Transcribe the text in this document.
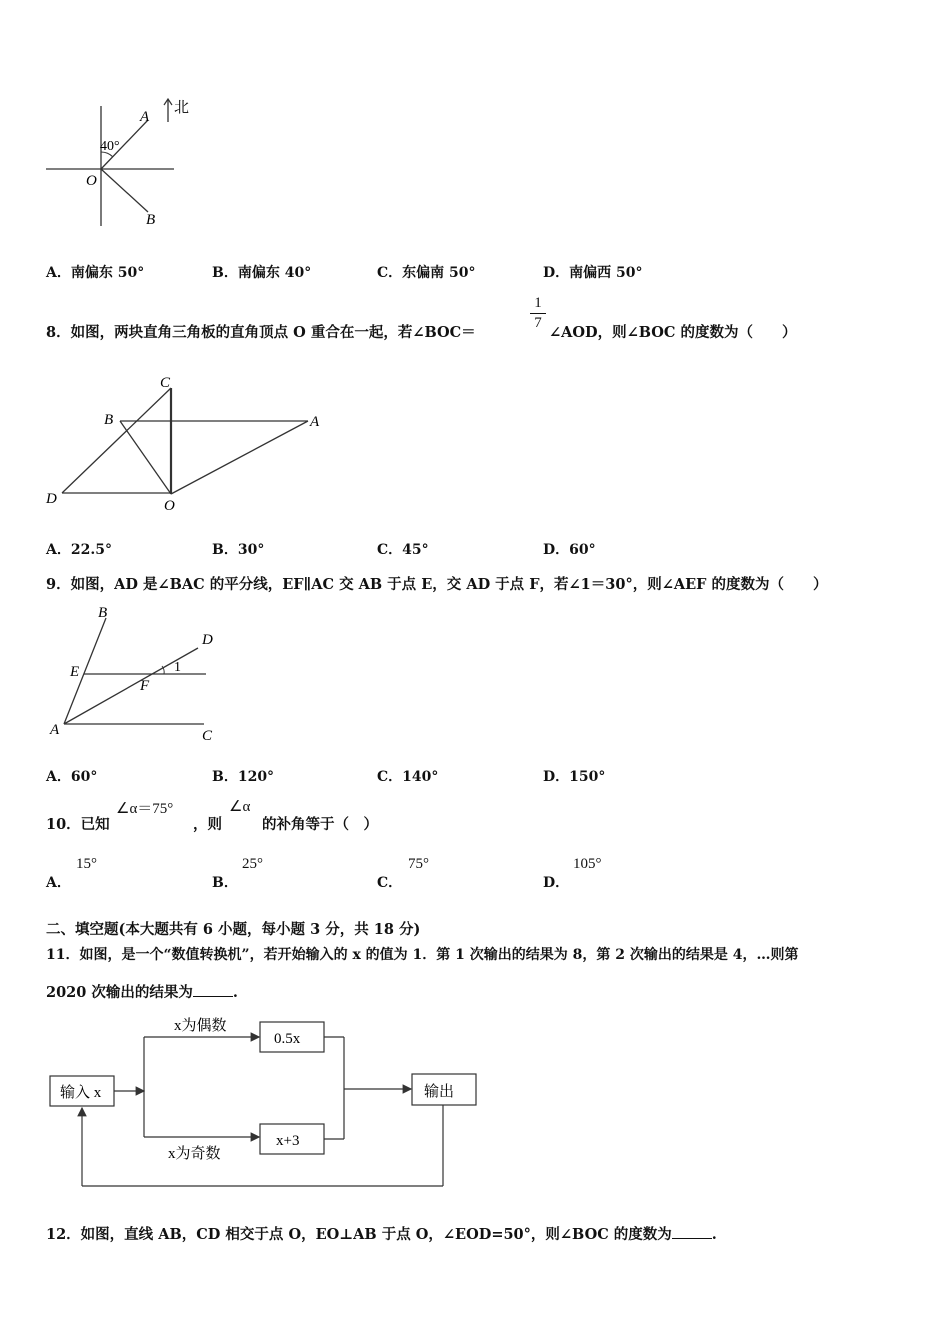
北
40°
O
A
B
A．南偏东 50°	B．南偏东 40°	C．东偏南 50°	D．南偏西 50°
8．如图，两块直角三角板的直角顶点 O 重合在一起，若∠BOC＝
1
7
∠AOD，则∠BOC 的度数为（　　）
C
B	A
D	O
A．22.5°	B．30°	C．45°	D．60°
9．如图，AD 是∠BAC 的平分线，EF∥AC 交 AB 于点 E，交 AD 于点 F，若∠1＝30°，则∠AEF 的度数为（　　）
B
D
E
F
1
A	C
A．60°	B．120°	C．140°	D．150°
10．已知
∠α＝75°
，则
∠α
的补角等于（　）
A．
15°
B．
25°
C．
75°
D．
105°
二、填空题(本大题共有 6 小题，每小题 3 分，共 18 分)
11．如图，是一个“数值转换机”，若开始输入的 x 的值为 1．第 1 次输出的结果为 8，第 2 次输出的结果是 4，…则第
2020 次输出的结果为	.
输入 x
x为偶数
x为奇数
0.5x
x+3
输出
12．如图，直线 AB，CD 相交于点 O，EO⊥AB 于点 O，∠EOD=50°，则∠BOC 的度数为	.
